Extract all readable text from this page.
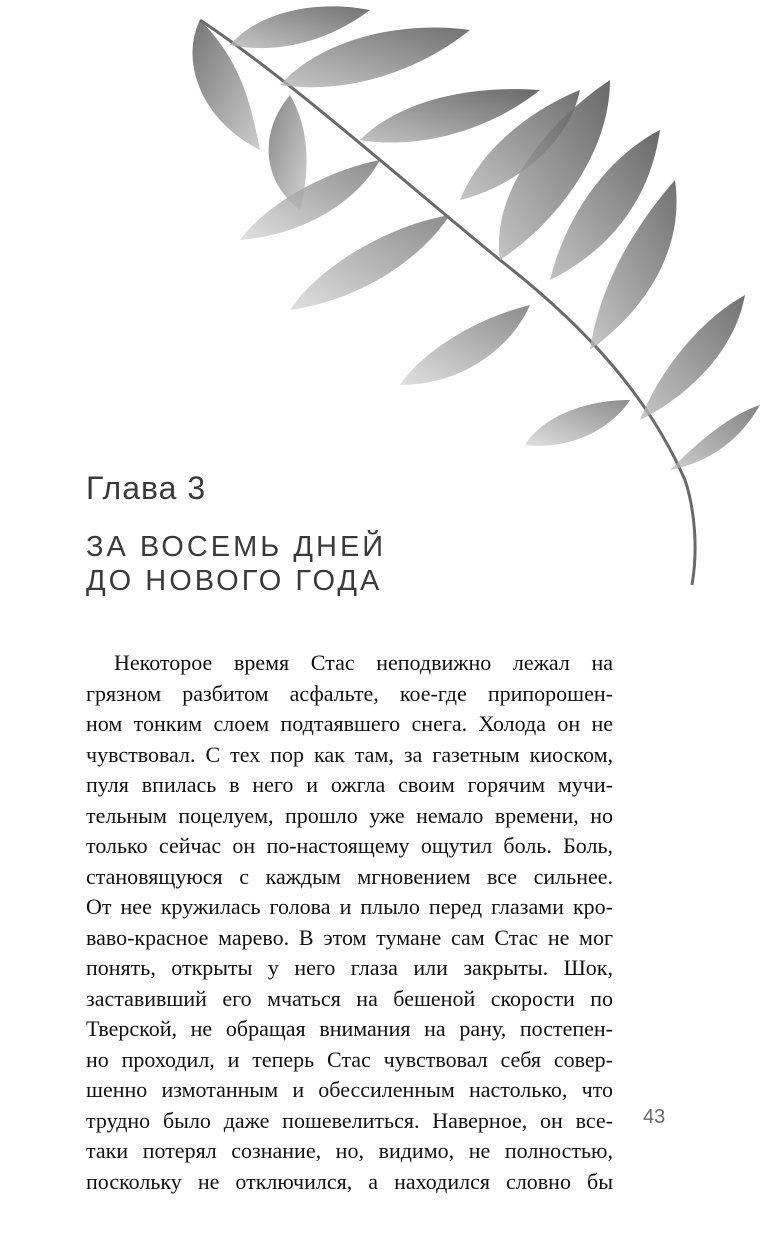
Глава 3
ЗА ВОСЕМЬ ДНЕЙ
ДО НОВОГО ГОДА
Некоторое время Стас неподвижно лежал на
грязном разбитом асфальте, кое-где припорошен-
ном тонким слоем подтаявшего снега. Холода он не
чувствовал. С тех пор как там, за газетным киоском,
пуля впилась в него и ожгла своим горячим мучи-
тельным поцелуем, прошло уже немало времени, но
только сейчас он по-настоящему ощутил боль. Боль,
становящуюся с каждым мгновением все сильнее.
От нее кружилась голова и плыло перед глазами кро-
ваво-красное марево. В этом тумане сам Стас не мог
понять, открыты у него глаза или закрыты. Шок,
заставивший его мчаться на бешеной скорости по
Тверской, не обращая внимания на рану, постепен-
но проходил, и теперь Стас чувствовал себя совер-
шенно измотанным и обессиленным настолько, что
трудно было даже пошевелиться. Наверное, он все-
таки потерял сознание, но, видимо, не полностью,
поскольку не отключился, а находился словно бы
43
